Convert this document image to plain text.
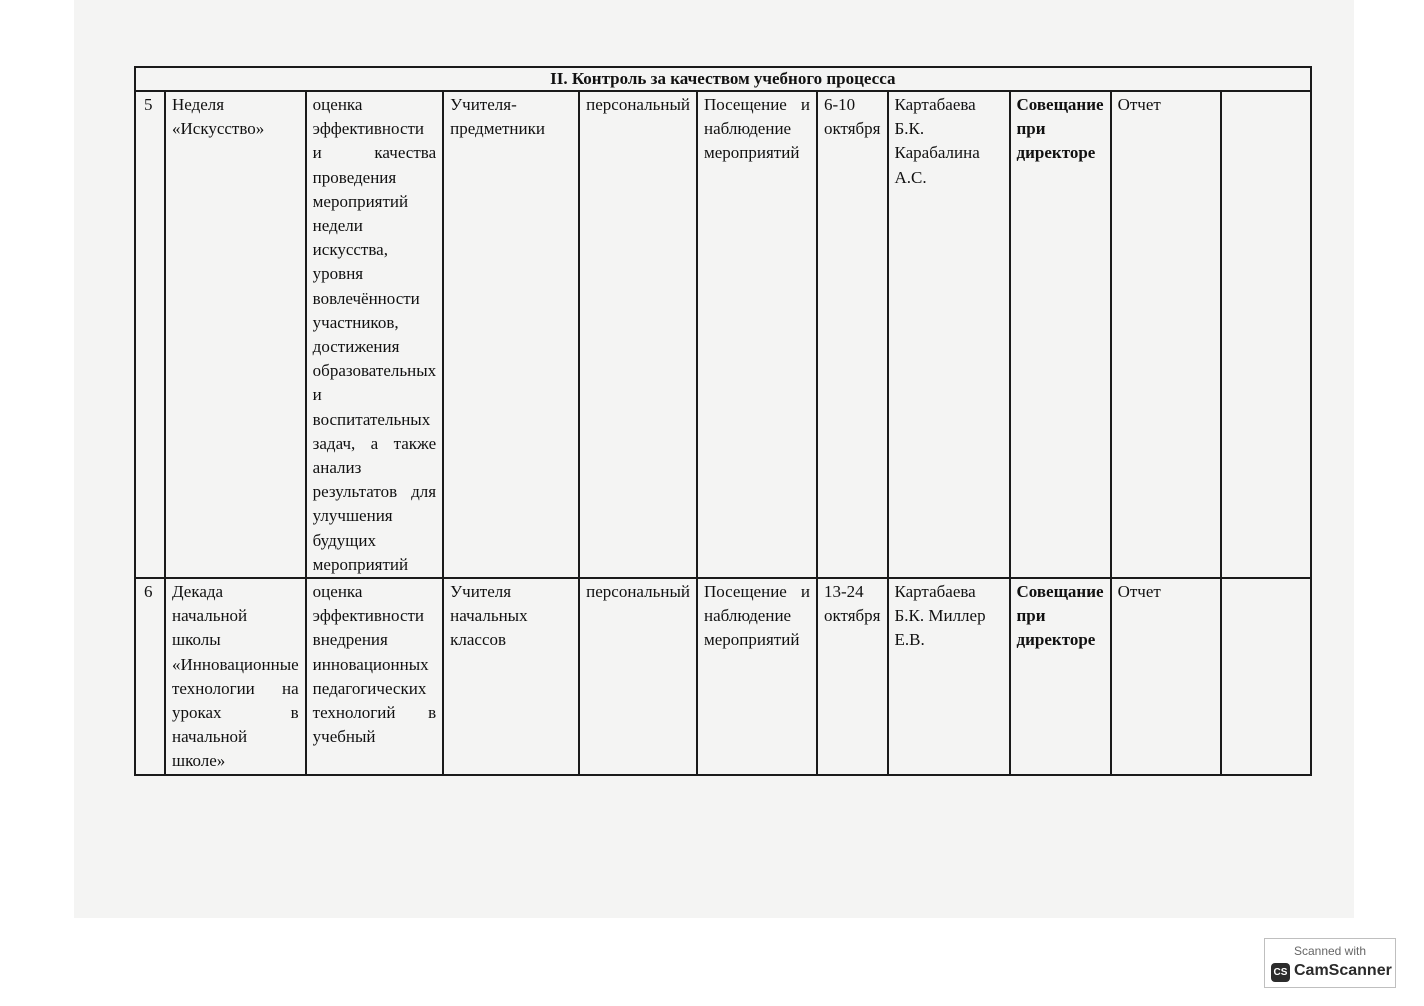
II. Контроль за качеством учебного процесса										
5	Неделя «Искусство»	оценка эффективности и качества проведения мероприятий недели искусства, уровня вовлечённости участников, достижения образовательных и воспитательных задач, а также анализ результатов для улучшения будущих мероприятий	Учителя-предметники	персональный	Посещение и наблюдение мероприятий	6-10 октября	Картабаева Б.К. Карабалина А.С.	Совещание при директоре	Отчет	
6	Декада начальной школы «Инновационные технологии на уроках в начальной школе»	оценка эффективности внедрения инновационных педагогических технологий в учебный	Учителя начальных классов	персональный	Посещение и наблюдение мероприятий	13-24 октября	Картабаева Б.К. Миллер Е.В.	Совещание при директоре	Отчет	
Scanned with
CS CamScanner
